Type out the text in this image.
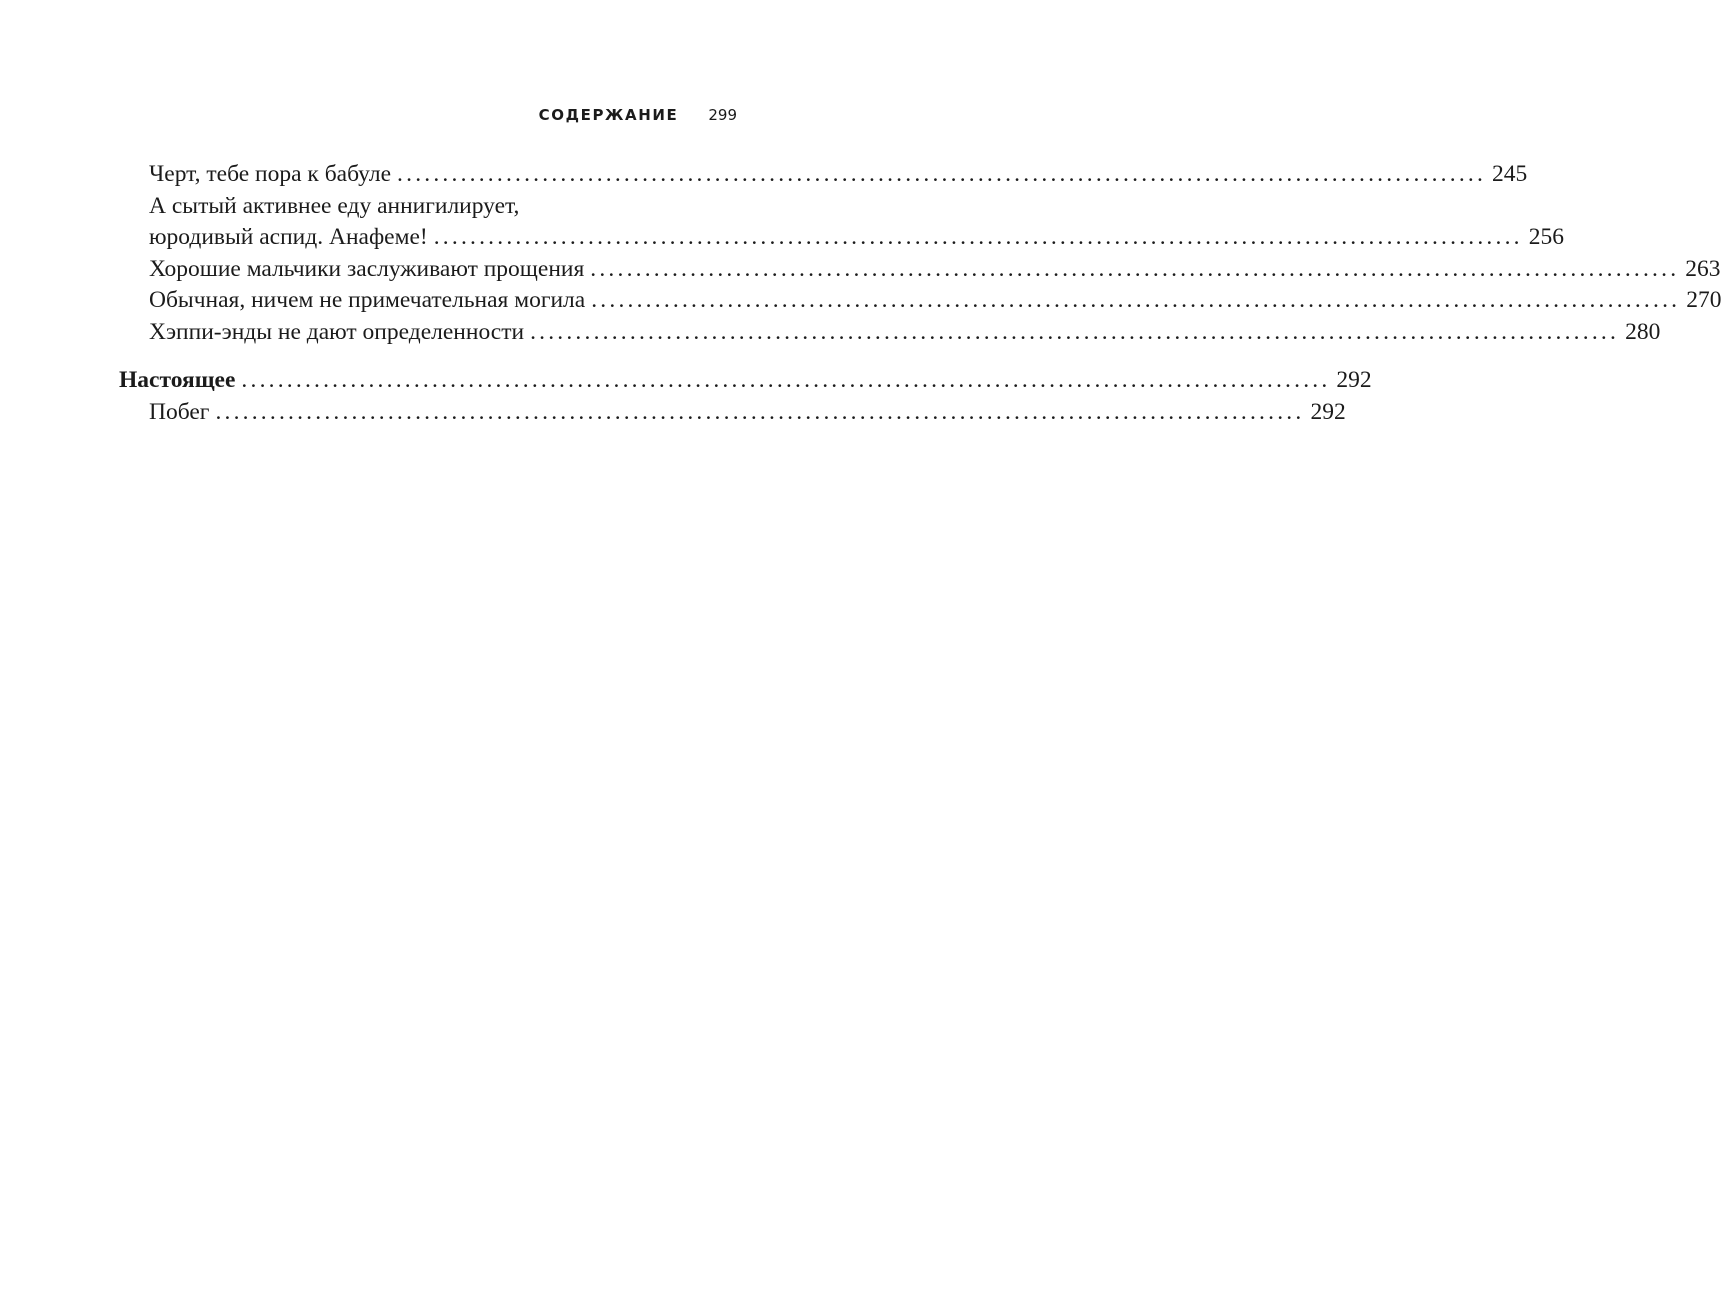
СОДЕРЖАНИЕ 299
Черт, тебе пора к бабуле ........................................................................................................................ 245
А сытый активнее еду аннигилирует,
юродивый аспид. Анафеме! ........................................................................................................................ 256
Хорошие мальчики заслуживают прощения ........................................................................................................................ 263
Обычная, ничем не примечательная могила ........................................................................................................................ 270
Хэппи-энды не дают определенности ........................................................................................................................ 280
Настоящее ........................................................................................................................ 292
Побег ........................................................................................................................ 292
